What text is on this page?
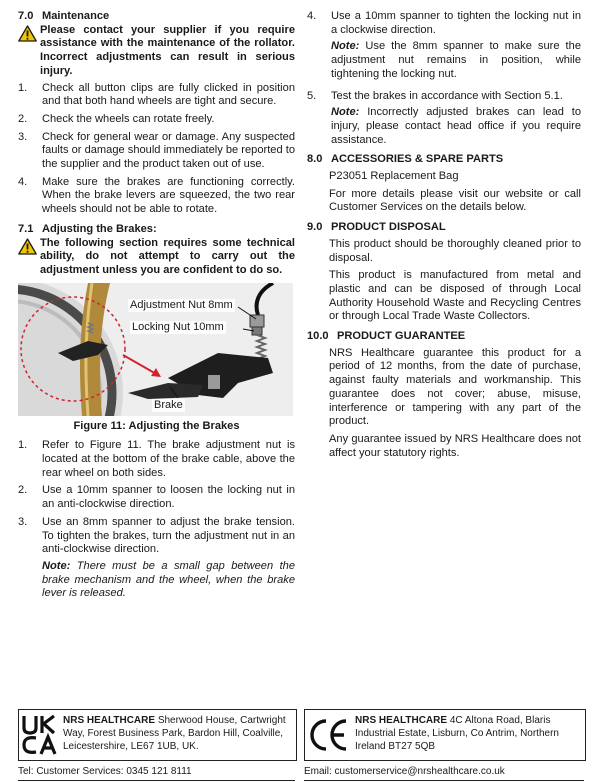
7.0 Maintenance
Please contact your supplier if you require assistance with the maintenance of the rollator. Incorrect adjustments can result in serious injury.
1. Check all button clips are fully clicked in position and that both hand wheels are tight and secure.
2. Check the wheels can rotate freely.
3. Check for general wear or damage. Any suspected faults or damage should immediately be reported to the supplier and the product taken out of use.
4. Make sure the brakes are functioning correctly. When the brake levers are squeezed, the two rear wheels should not be able to rotate.
7.1 Adjusting the Brakes:
The following section requires some technical ability, do not attempt to carry out the adjustment unless you are confident to do so.
Adjustment Nut 8mm
Locking Nut 10mm
Brake
Figure 11: Adjusting the Brakes
1. Refer to Figure 11. The brake adjustment nut is located at the bottom of the brake cable, above the rear wheel on both sides.
2. Use a 10mm spanner to loosen the locking nut in an anti-clockwise direction.
3. Use an 8mm spanner to adjust the brake tension. To tighten the brakes, turn the adjustment nut in an anti-clockwise direction.
Note: There must be a small gap between the brake mechanism and the wheel, when the brake lever is released.
4. Use a 10mm spanner to tighten the locking nut in a clockwise direction.
Note: Use the 8mm spanner to make sure the adjustment nut remains in position, while tightening the locking nut.
5. Test the brakes in accordance with Section 5.1.
Note: Incorrectly adjusted brakes can lead to injury, please contact head office if you require assistance.
8.0 ACCESSORIES & SPARE PARTS
P23051 Replacement Bag
For more details please visit our website or call Customer Services on the details below.
9.0 PRODUCT DISPOSAL
This product should be thoroughly cleaned prior to disposal.
This product is manufactured from metal and plastic and can be disposed of through Local Authority Household Waste and Recycling Centres or through Local Trade Waste Collectors.
10.0 PRODUCT GUARANTEE
NRS Healthcare guarantee this product for a period of 12 months, from the date of purchase, against faulty materials and workmanship. This guarantee does not cover; abuse, misuse, interference or tampering with any part of the product.
Any guarantee issued by NRS Healthcare does not affect your statutory rights.
NRS HEALTHCARE Sherwood House, Cartwright Way, Forest Business Park, Bardon Hill, Coalville, Leicestershire, LE67 1UB, UK.
NRS HEALTHCARE 4C Altona Road, Blaris Industrial Estate, Lisburn, Co Antrim, Northern Ireland BT27 5QB
Tel: Customer Services: 0345 121 8111	Email: customerservice@nrshealthcare.co.uk
